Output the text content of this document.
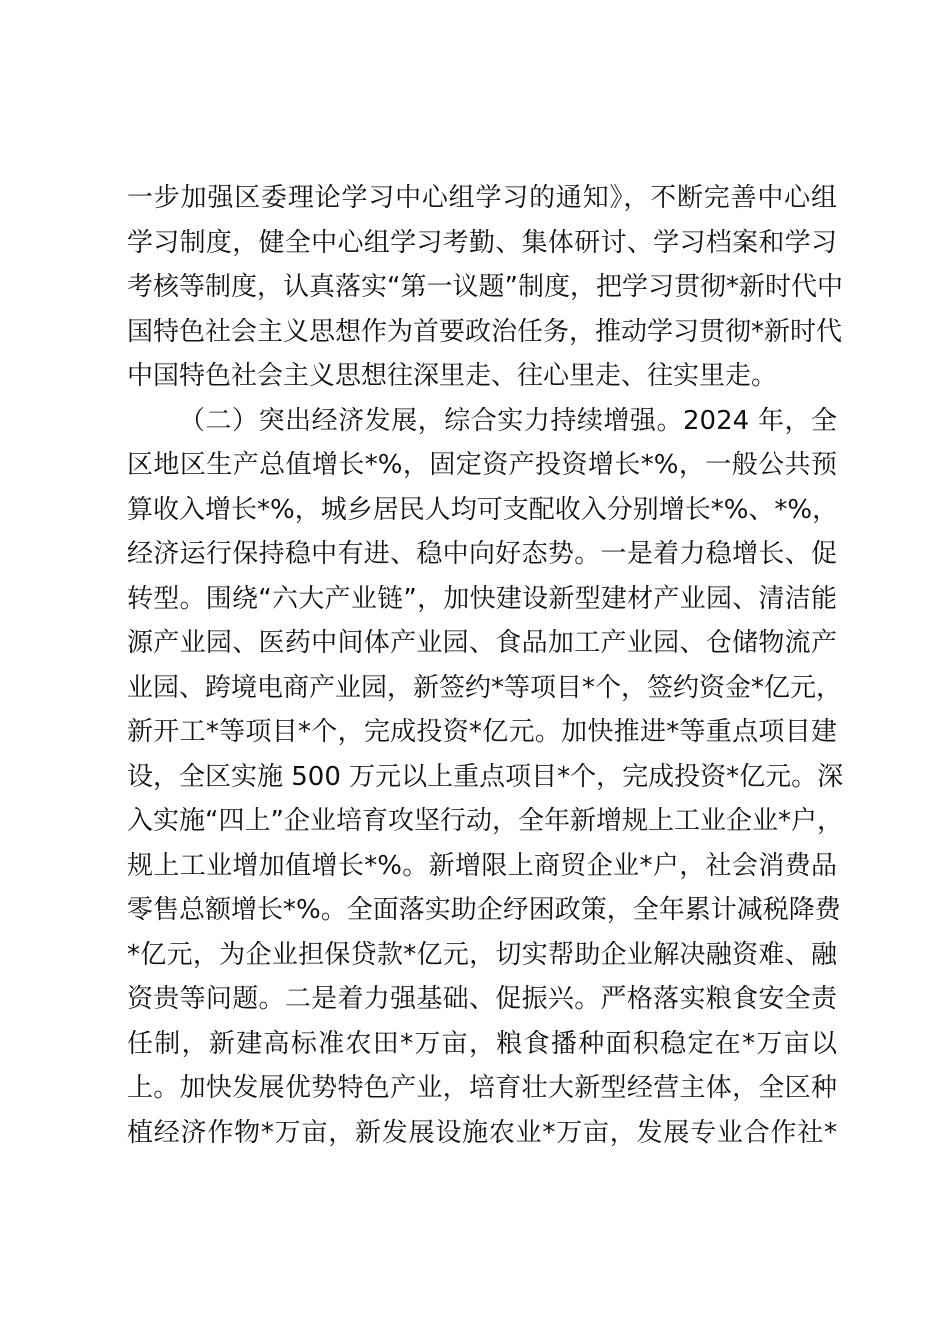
一步加强区委理论学习中心组学习的通知》，不断完善中心组

学习制度，健全中心组学习考勤、集体研讨、学习档案和学习

考核等制度，认真落实“第一议题”制度，把学习贯彻*新时代中

国特色社会主义思想作为首要政治任务，推动学习贯彻*新时代

中国特色社会主义思想往深里走、往心里走、往实里走。

（二）突出经济发展，综合实力持续增强。2024 年，全

区地区生产总值增长*%，固定资产投资增长*%，一般公共预

算收入增长*%，城乡居民人均可支配收入分别增长*%、*%，

经济运行保持稳中有进、稳中向好态势。一是着力稳增长、促

转型。围绕“六大产业链”，加快建设新型建材产业园、清洁能

源产业园、医药中间体产业园、食品加工产业园、仓储物流产

业园、跨境电商产业园，新签约*等项目*个，签约资金*亿元，

新开工*等项目*个，完成投资*亿元。加快推进*等重点项目建

设，全区实施 500 万元以上重点项目*个，完成投资*亿元。深

入实施“四上”企业培育攻坚行动，全年新增规上工业企业*户，

规上工业增加值增长*%。新增限上商贸企业*户，社会消费品

零售总额增长*%。全面落实助企纾困政策，全年累计减税降费

*亿元，为企业担保贷款*亿元，切实帮助企业解决融资难、融

资贵等问题。二是着力强基础、促振兴。严格落实粮食安全责

任制，新建高标准农田*万亩，粮食播种面积稳定在*万亩以

上。加快发展优势特色产业，培育壮大新型经营主体，全区种

植经济作物*万亩，新发展设施农业*万亩，发展专业合作社*
